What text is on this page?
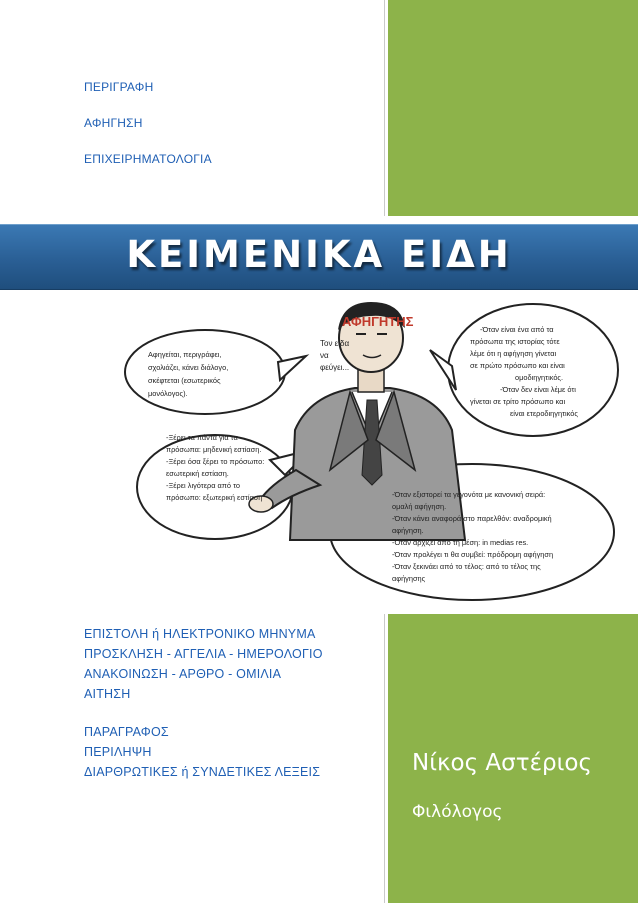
ΠΕΡΙΓΡΑΦΗ
ΑΦΗΓΗΣΗ
ΕΠΙΧΕΙΡΗΜΑΤΟΛΟΓΙΑ
ΚΕΙΜΕΝΙΚΑ ΕΙΔΗ
Τον είδα
να
φεύγει...
ΑΦΗΓΗΤΗΣ
Αφηγείται, περιγράφει,
σχολιάζει, κάνει διάλογο,
σκέφτεται (εσωτερικός
μονόλογος).
-Όταν είναι ένα από τα
πρόσωπα της ιστορίας τότε
λέμε ότι η αφήγηση γίνεται
σε πρώτο πρόσωπο και είναι
ομοδιηγητικός.
-Όταν δεν είναι λέμε ότι
γίνεται σε τρίτο πρόσωπο και
είναι ετεροδιηγητικός
-Ξέρει τα πάντα για τα
πρόσωπα: μηδενική εστίαση.
-Ξέρει όσα ξέρει το πρόσωπο:
εσωτερική εστίαση.
-Ξέρει λιγότερα από το
πρόσωπο: εξωτερική εστίαση	-Όταν εξιστορεί τα γεγονότα με κανονική σειρά:
ομαλή αφήγηση.
-Όταν κάνει αναφορά στο παρελθόν: αναδρομική
αφήγηση.
-Όταν αρχίζει από τη μέση: in medias res.
-Όταν προλέγει τι θα συμβεί: πρόδρομη αφήγηση
-Όταν ξεκινάει από το τέλος: από το τέλος της
αφήγησης
ΕΠΙΣΤΟΛΗ ή ΗΛΕΚΤΡΟΝΙΚΟ ΜΗΝΥΜΑ
ΠΡΟΣΚΛΗΣΗ - ΑΓΓΕΛΙΑ - ΗΜΕΡΟΛΟΓΙΟ
ΑΝΑΚΟΙΝΩΣΗ - ΑΡΘΡΟ - ΟΜΙΛΙΑ
ΑΙΤΗΣΗ
ΠΑΡΑΓΡΑΦΟΣ
ΠΕΡΙΛΗΨΗ
ΔΙΑΡΘΡΩΤΙΚΕΣ ή ΣΥΝΔΕΤΙΚΕΣ ΛΕΞΕΙΣ	Νίκος Αστέριος
Φιλόλογος
